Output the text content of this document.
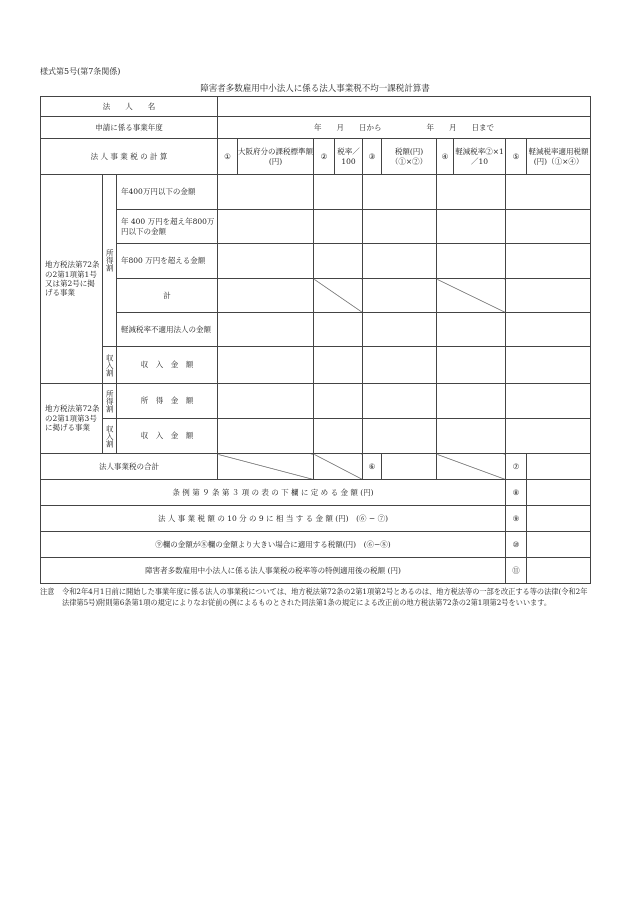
様式第5号(第7条関係)
障害者多数雇用中小法人に係る法人事業税不均一課税計算書
法　　人　　名												
申請に係る事業年度			年　　月　　日から　　　　　　年　　月　　日まで									
法 人 事 業 税 の 計 算			①	大阪府分の課税標準額(円)	②	税率／100	③	税額(円)（①×②）	④	軽減税率②×1／10	⑤	軽減税率適用税額(円)（①×④）
地方税法第72条の2第1項第1号又は第2号に掲げる事業	所得割	年400万円以下の金額										
		年 400 万円を超え年800万円以下の金額										
		年800 万円を超える金額										
		計										
		軽減税率不適用法人の金額										

	収入割	収　入　金　額										
地方税法第72条の2第1項第3号に掲げる事業	所得割	所　得　金　額										

	収入割	収　入　金　額										
法人事業税の合計							⑥				⑦	
条 例 第 ９ 条 第 ３ 項 の 表 の 下 欄 に 定 め る 金 額 (円)											⑧	
法 人 事 業 税 額 の 10 分 の 9 に 相 当 す る 金 額 (円)　(⑥ − ⑦)											⑨	
⑨欄の金額が⑧欄の金額より大きい場合に適用する税額(円)　(⑥−⑧)											⑩	
障害者多数雇用中小法人に係る法人事業税の税率等の特例適用後の税額 (円)											⑪	
注意 令和2年4月1日前に開始した事業年度に係る法人の事業税については、地方税法第72条の2第1項第2号とあるのは、地方税法等の一部を改正する等の法律(令和2年法律第5号)附則第6条第1項の規定によりなお従前の例によるものとされた同法第1条の規定による改正前の地方税法第72条の2第1項第2号をいいます。
